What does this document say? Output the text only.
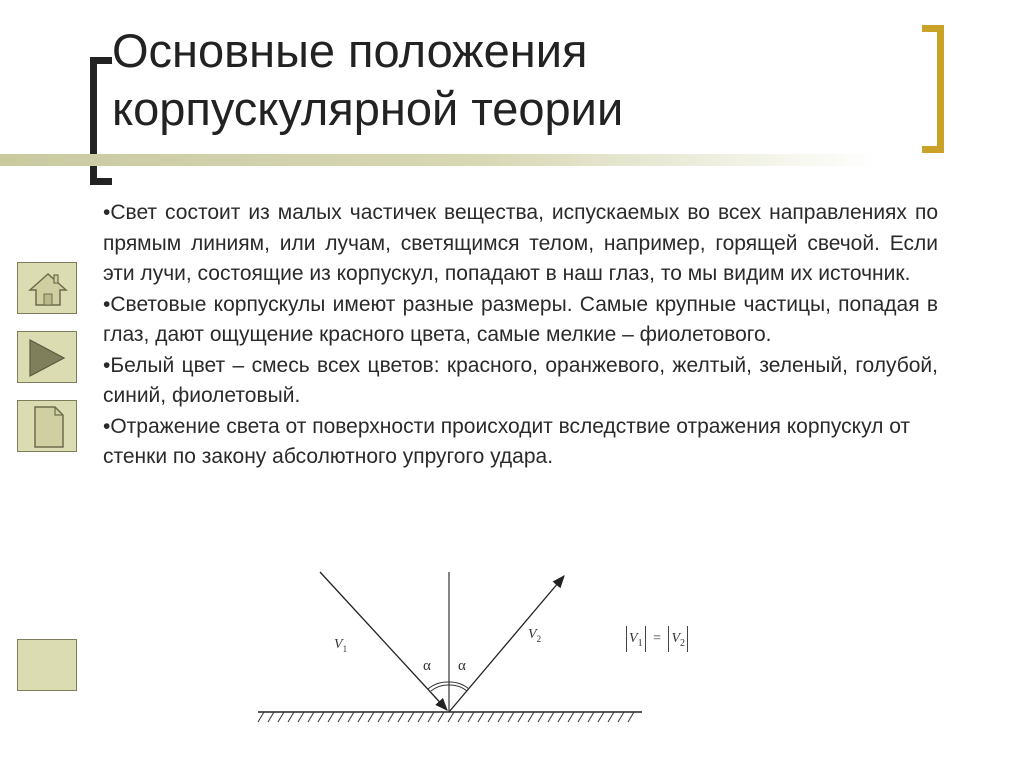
Основные положения
корпускулярной теории

•Свет состоит из малых частичек вещества, испускаемых во всех направлениях по прямым линиям, или лучам, светящимся телом, например, горящей свечой. Если эти лучи, состоящие из корпускул, попадают в наш глаз, то мы видим их источник.

•Световые корпускулы имеют разные размеры. Самые крупные частицы, попадая в глаз, дают ощущение красного цвета, самые мелкие – фиолетового.

•Белый цвет – смесь всех цветов: красного, оранжевого, желтый, зеленый, голубой, синий, фиолетовый.

•Отражение света от поверхности происходит вследствие отражения корпускул от стенки по закону абсолютного упругого удара.

$V_1$
$V_2$
α α
$V_1 = V_2$
